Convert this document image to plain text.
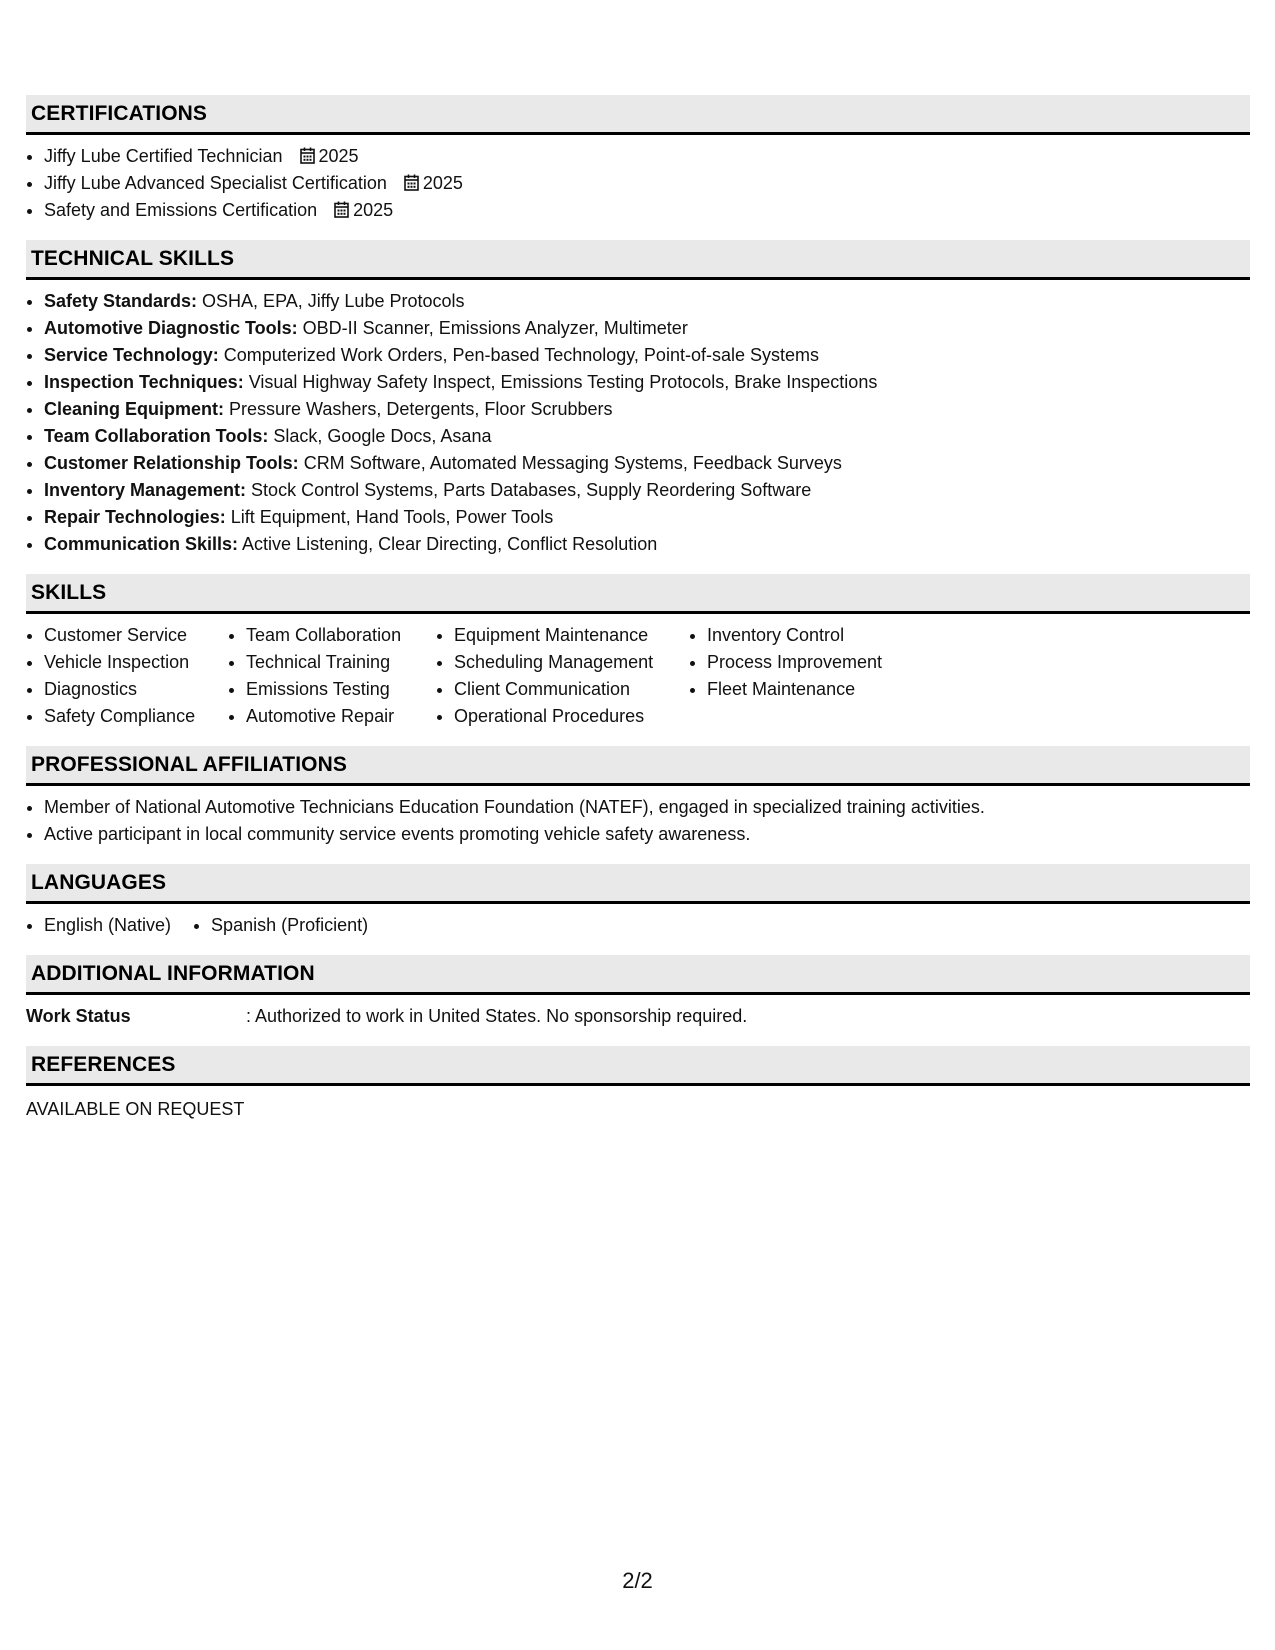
CERTIFICATIONS
Jiffy Lube Certified Technician 2025
Jiffy Lube Advanced Specialist Certification 2025
Safety and Emissions Certification 2025
TECHNICAL SKILLS
Safety Standards: OSHA, EPA, Jiffy Lube Protocols
Automotive Diagnostic Tools: OBD-II Scanner, Emissions Analyzer, Multimeter
Service Technology: Computerized Work Orders, Pen-based Technology, Point-of-sale Systems
Inspection Techniques: Visual Highway Safety Inspect, Emissions Testing Protocols, Brake Inspections
Cleaning Equipment: Pressure Washers, Detergents, Floor Scrubbers
Team Collaboration Tools: Slack, Google Docs, Asana
Customer Relationship Tools: CRM Software, Automated Messaging Systems, Feedback Surveys
Inventory Management: Stock Control Systems, Parts Databases, Supply Reordering Software
Repair Technologies: Lift Equipment, Hand Tools, Power Tools
Communication Skills: Active Listening, Clear Directing, Conflict Resolution
SKILLS
Customer Service
Vehicle Inspection
Diagnostics
Safety Compliance
Team Collaboration
Technical Training
Emissions Testing
Automotive Repair
Equipment Maintenance
Scheduling Management
Client Communication
Operational Procedures
Inventory Control
Process Improvement
Fleet Maintenance
PROFESSIONAL AFFILIATIONS
Member of National Automotive Technicians Education Foundation (NATEF), engaged in specialized training activities.
Active participant in local community service events promoting vehicle safety awareness.
LANGUAGES
English (Native)	Spanish (Proficient)
ADDITIONAL INFORMATION
Work Status	: Authorized to work in United States. No sponsorship required.
REFERENCES
AVAILABLE ON REQUEST
2/2
